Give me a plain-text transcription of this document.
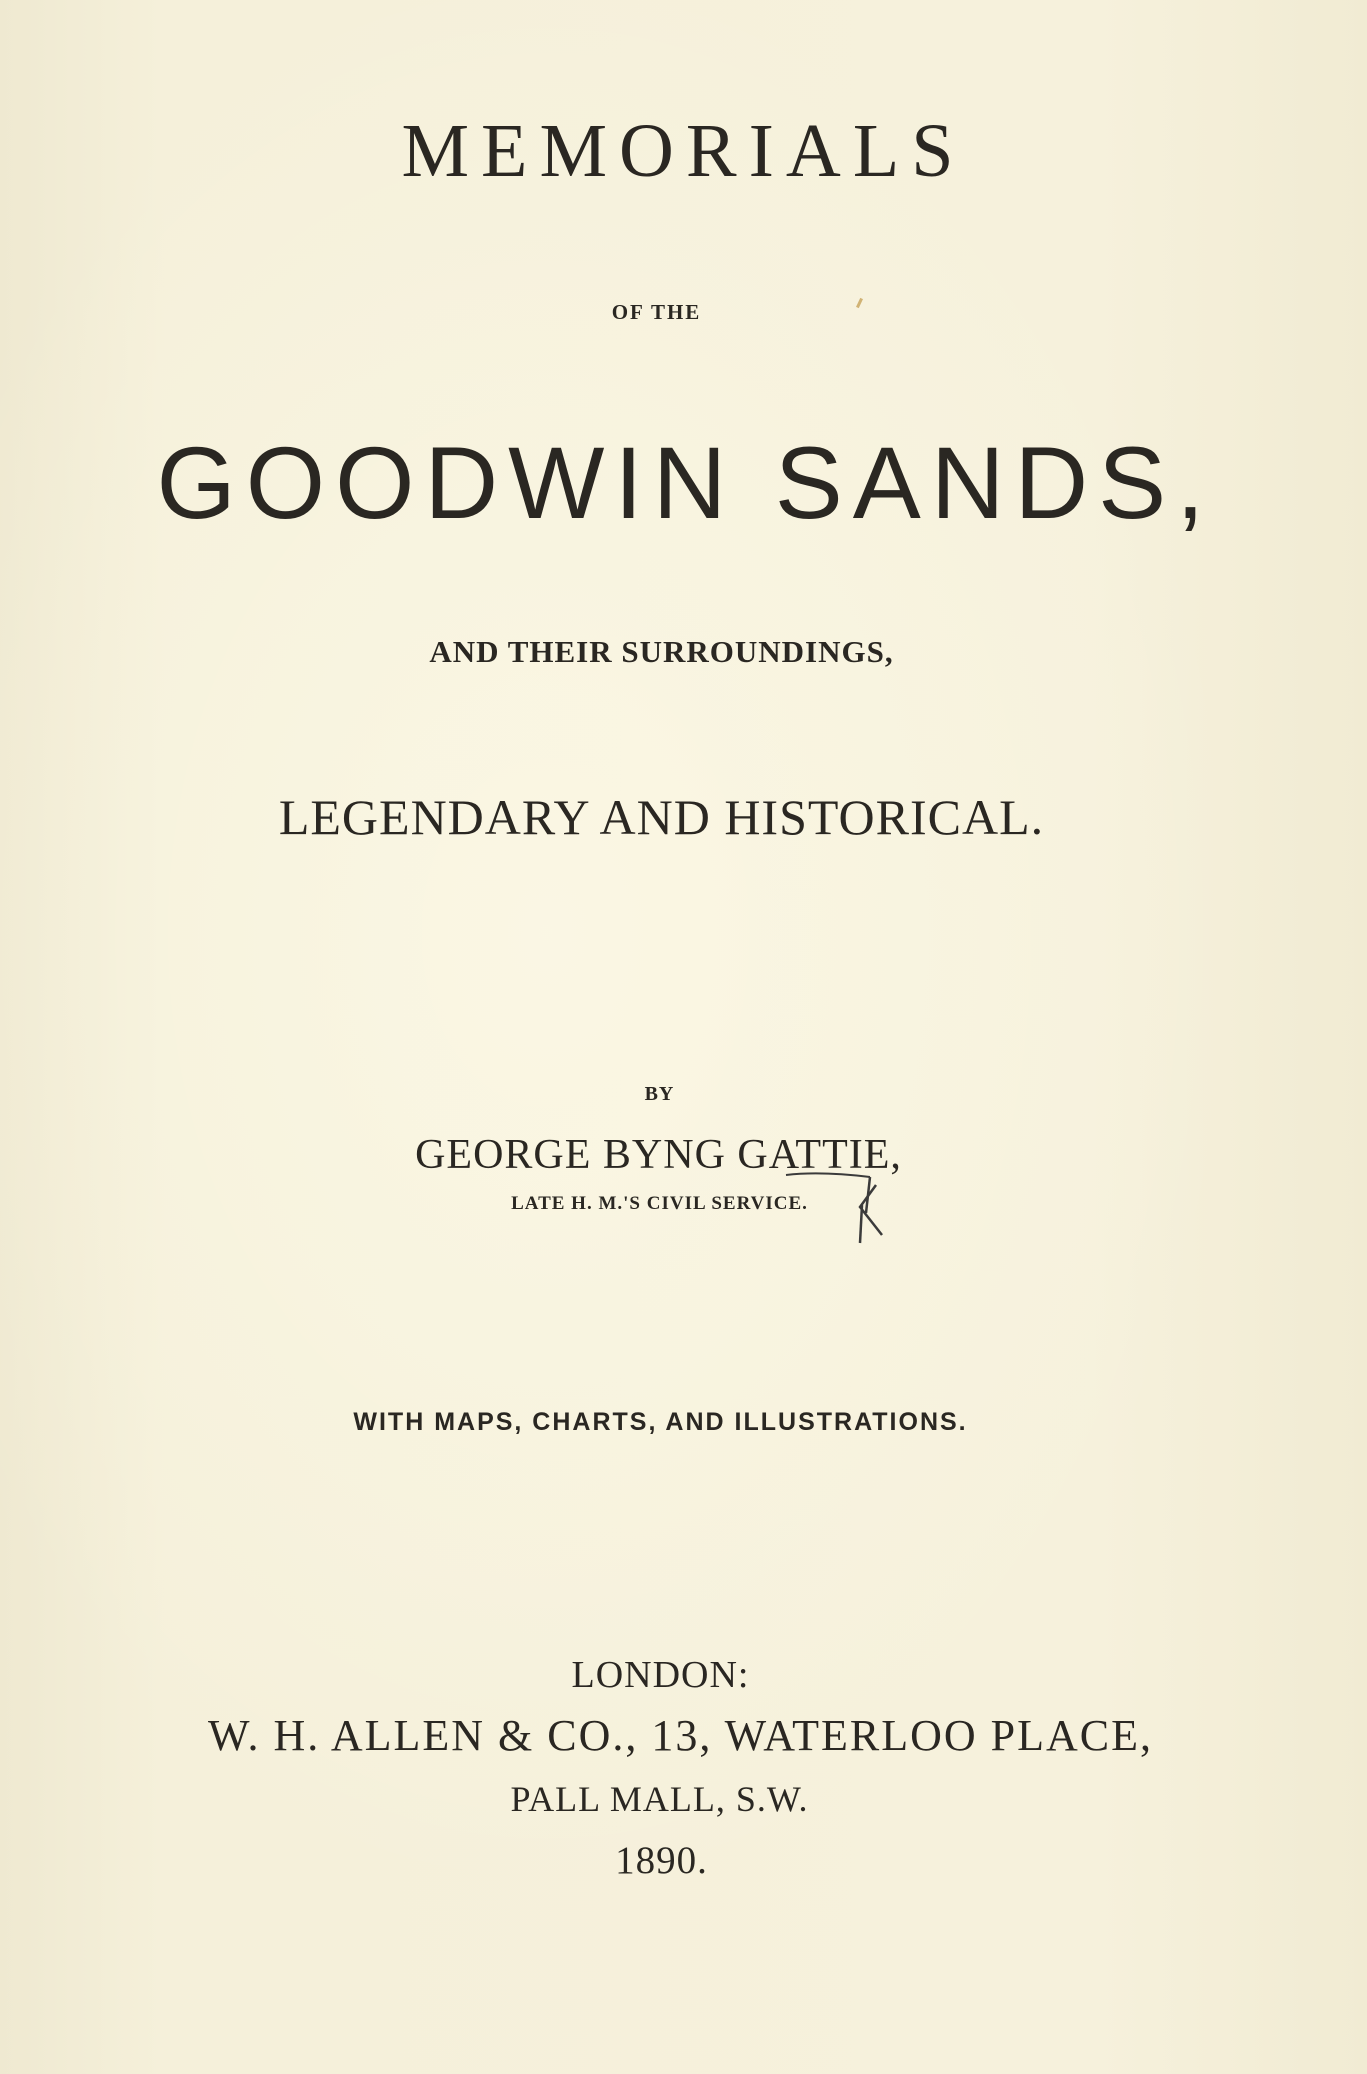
MEMORIALS
OF THE
GOODWIN SANDS,
AND THEIR SURROUNDINGS,
LEGENDARY AND HISTORICAL.
BY
GEORGE BYNG GATTIE,
LATE H. M.'S CIVIL SERVICE.
WITH MAPS, CHARTS, AND ILLUSTRATIONS.
LONDON:
W. H. ALLEN & CO., 13, WATERLOO PLACE,
PALL MALL, S.W.
1890.
